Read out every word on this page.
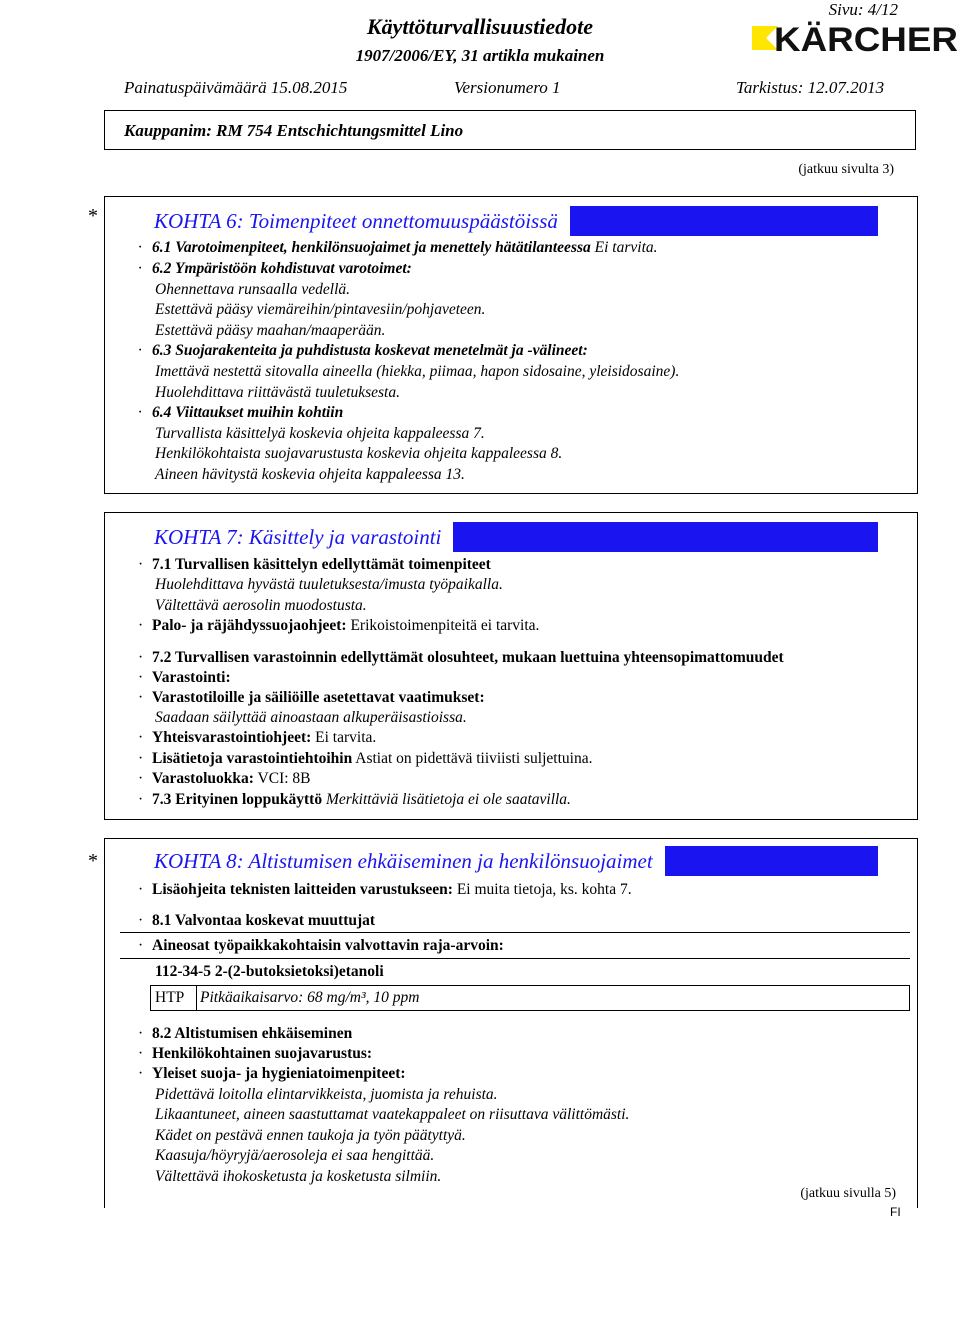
Sivu: 4/12
Käyttöturvallisuustiedote
1907/2006/EY, 31 artikla mukainen	KÄRCHER
Painatuspäivämäärä 15.08.2015	Versionumero 1	Tarkistus: 12.07.2013
Kauppanim: RM 754 Entschichtungsmittel Lino
(jatkuu sivulta 3)
*	KOHTA 6: Toimenpiteet onnettomuuspäästöissä
· 6.1 Varotoimenpiteet, henkilönsuojaimet ja menettely hätätilanteessa Ei tarvita.
· 6.2 Ympäristöön kohdistuvat varotoimet:
Ohennettava runsaalla vedellä.
Estettävä pääsy viemäreihin/pintavesiin/pohjaveteen.
Estettävä pääsy maahan/maaperään.
· 6.3 Suojarakenteita ja puhdistusta koskevat menetelmät ja -välineet:
Imettävä nestettä sitovalla aineella (hiekka, piimaa, hapon sidosaine, yleisidosaine).
Huolehdittava riittävästä tuuletuksesta.
· 6.4 Viittaukset muihin kohtiin
Turvallista käsittelyä koskevia ohjeita kappaleessa 7.
Henkilökohtaista suojavarustusta koskevia ohjeita kappaleessa 8.
Aineen hävitystä koskevia ohjeita kappaleessa 13.
KOHTA 7: Käsittely ja varastointi
· 7.1 Turvallisen käsittelyn edellyttämät toimenpiteet
Huolehdittava hyvästä tuuletuksesta/imusta työpaikalla.
Vältettävä aerosolin muodostusta.
· Palo- ja räjähdyssuojaohjeet: Erikoistoimenpiteitä ei tarvita.
· 7.2 Turvallisen varastoinnin edellyttämät olosuhteet, mukaan luettuina yhteensopimattomuudet
· Varastointi:
· Varastotiloille ja säiliöille asetettavat vaatimukset:
Saadaan säilyttää ainoastaan alkuperäisastioissa.
· Yhteisvarastointiohjeet: Ei tarvita.
· Lisätietoja varastointiehtoihin Astiat on pidettävä tiiviisti suljettuina.
· Varastoluokka: VCI: 8B
· 7.3 Erityinen loppukäyttö Merkittäviä lisätietoja ei ole saatavilla.
*	KOHTA 8: Altistumisen ehkäiseminen ja henkilönsuojaimet
· Lisäohjeita teknisten laitteiden varustukseen: Ei muita tietoja, ks. kohta 7.
· 8.1 Valvontaa koskevat muuttujat
· Aineosat työpaikkakohtaisin valvottavin raja-arvoin:
112-34-5 2-(2-butoksietoksi)etanoli
HTP Pitkäaikaisarvo: 68 mg/m³, 10 ppm
· 8.2 Altistumisen ehkäiseminen
· Henkilökohtainen suojavarustus:
· Yleiset suoja- ja hygieniatoimenpiteet:
Pidettävä loitolla elintarvikkeista, juomista ja rehuista.
Likaantuneet, aineen saastuttamat vaatekappaleet on riisuttava välittömästi.
Kädet on pestävä ennen taukoja ja työn päätyttyä.
Kaasuja/höyryjä/aerosoleja ei saa hengittää.
Vältettävä ihokosketusta ja kosketusta silmiin.
(jatkuu sivulla 5)
FI
